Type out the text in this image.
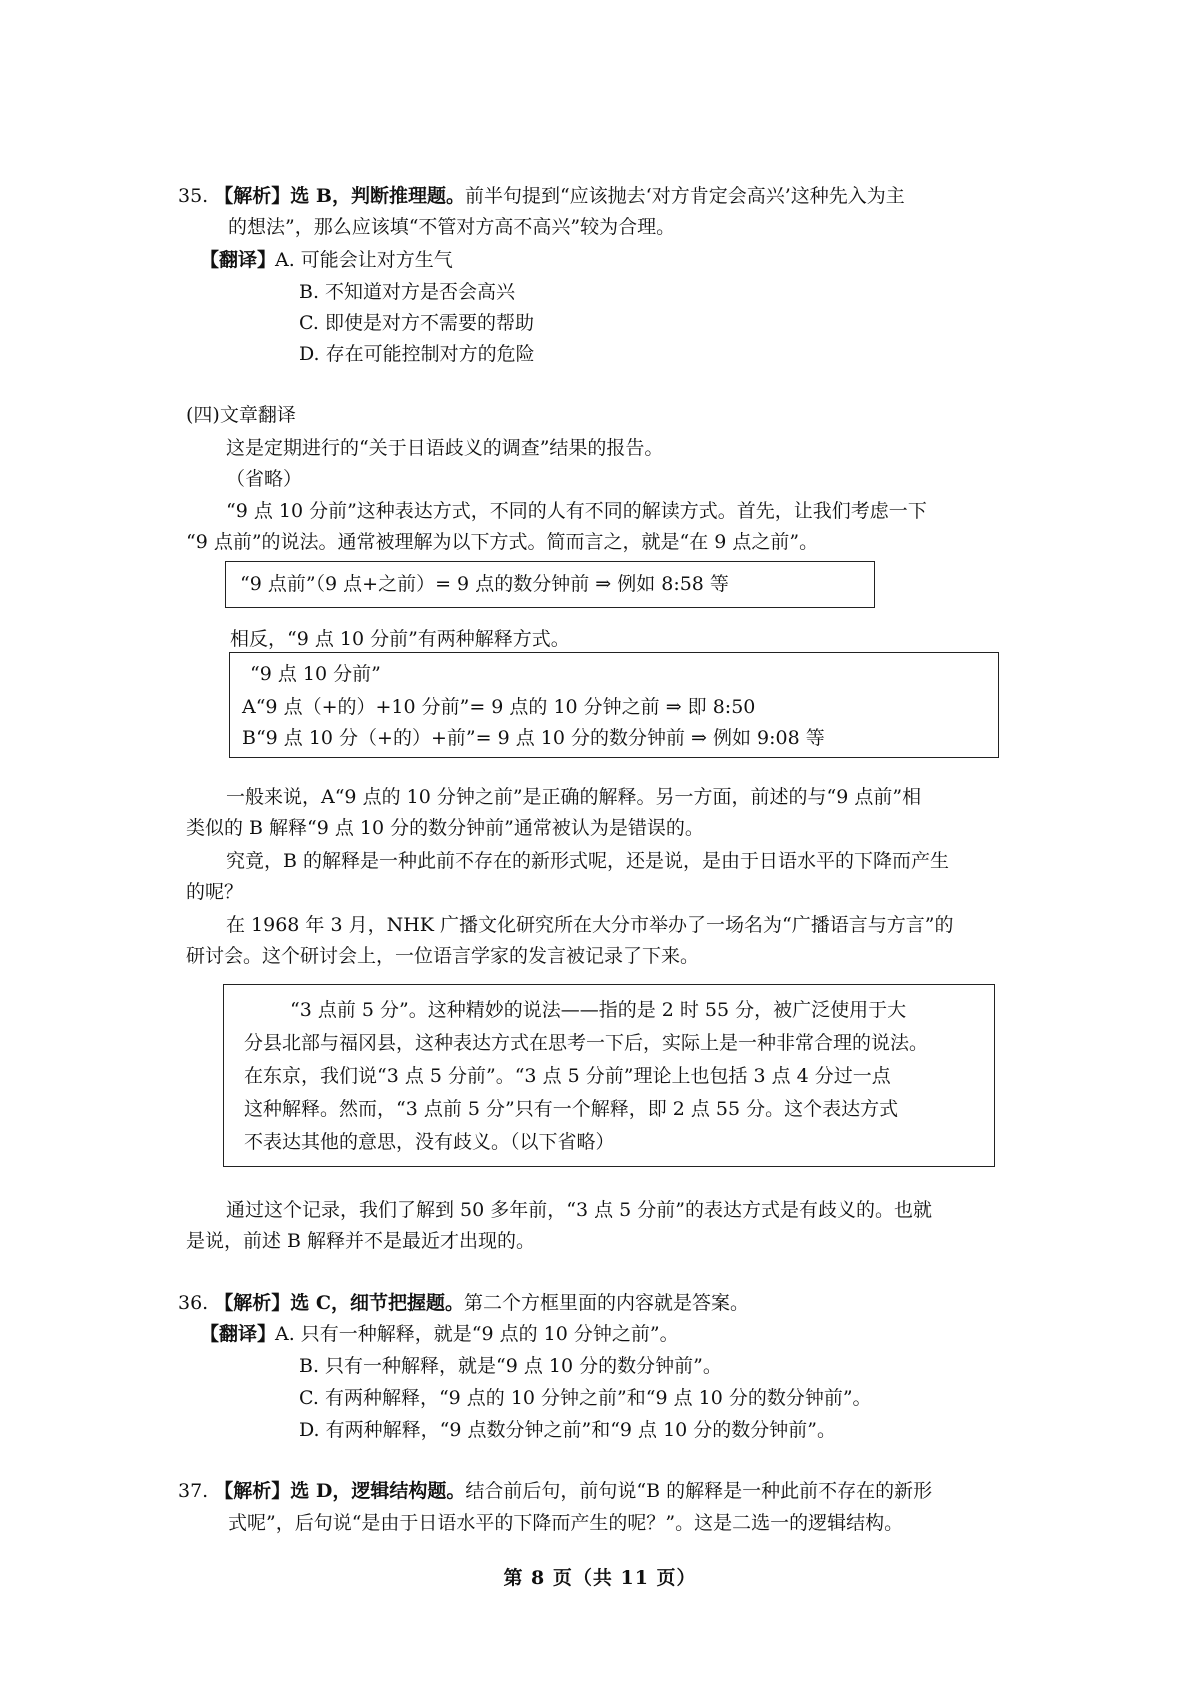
35. 【解析】选 B，判断推理题。前半句提到“应该抛去‘对方肯定会高兴’这种先入为主
的想法”，那么应该填“不管对方高不高兴”较为合理。
【翻译】
A. 可能会让对方生气
B. 不知道对方是否会高兴
C. 即使是对方不需要的帮助
D. 存在可能控制对方的危险
(四)文章翻译
这是定期进行的“关于日语歧义的调查”结果的报告。
（省略）
“9 点 10 分前”这种表达方式，不同的人有不同的解读方式。首先，让我们考虑一下
“9 点前”的说法。通常被理解为以下方式。简而言之，就是“在 9 点之前”。
“9 点前”（9 点+之前）= 9 点的数分钟前 ⇒ 例如 8:58 等
相反，“9 点 10 分前”有两种解释方式。
“9 点 10 分前”
A“9 点（+的）+10 分前”= 9 点的 10 分钟之前 ⇒ 即 8:50
B“9 点 10 分（+的）+前”= 9 点 10 分的数分钟前 ⇒ 例如 9:08 等
一般来说，A“9 点的 10 分钟之前”是正确的解释。另一方面，前述的与“9 点前”相
类似的 B 解释“9 点 10 分的数分钟前”通常被认为是错误的。
究竟，B 的解释是一种此前不存在的新形式呢，还是说，是由于日语水平的下降而产生
的呢？
在 1968 年 3 月，NHK 广播文化研究所在大分市举办了一场名为“广播语言与方言”的
研讨会。这个研讨会上，一位语言学家的发言被记录了下来。
“3 点前 5 分”。这种精妙的说法——指的是 2 时 55 分，被广泛使用于大
分县北部与福冈县，这种表达方式在思考一下后，实际上是一种非常合理的说法。
在东京，我们说“3 点 5 分前”。“3 点 5 分前”理论上也包括 3 点 4 分过一点
这种解释。然而，“3 点前 5 分”只有一个解释，即 2 点 55 分。这个表达方式
不表达其他的意思，没有歧义。（以下省略）
通过这个记录，我们了解到 50 多年前，“3 点 5 分前”的表达方式是有歧义的。也就
是说，前述 B 解释并不是最近才出现的。
36. 【解析】选 C，细节把握题。第二个方框里面的内容就是答案。
【翻译】
A. 只有一种解释，就是“9 点的 10 分钟之前”。
B. 只有一种解释，就是“9 点 10 分的数分钟前”。
C. 有两种解释，“9 点的 10 分钟之前”和“9 点 10 分的数分钟前”。
D. 有两种解释，“9 点数分钟之前”和“9 点 10 分的数分钟前”。
37. 【解析】选 D，逻辑结构题。结合前后句，前句说“B 的解释是一种此前不存在的新形
式呢”，后句说“是由于日语水平的下降而产生的呢？”。这是二选一的逻辑结构。
第 8 页（共 11 页）
